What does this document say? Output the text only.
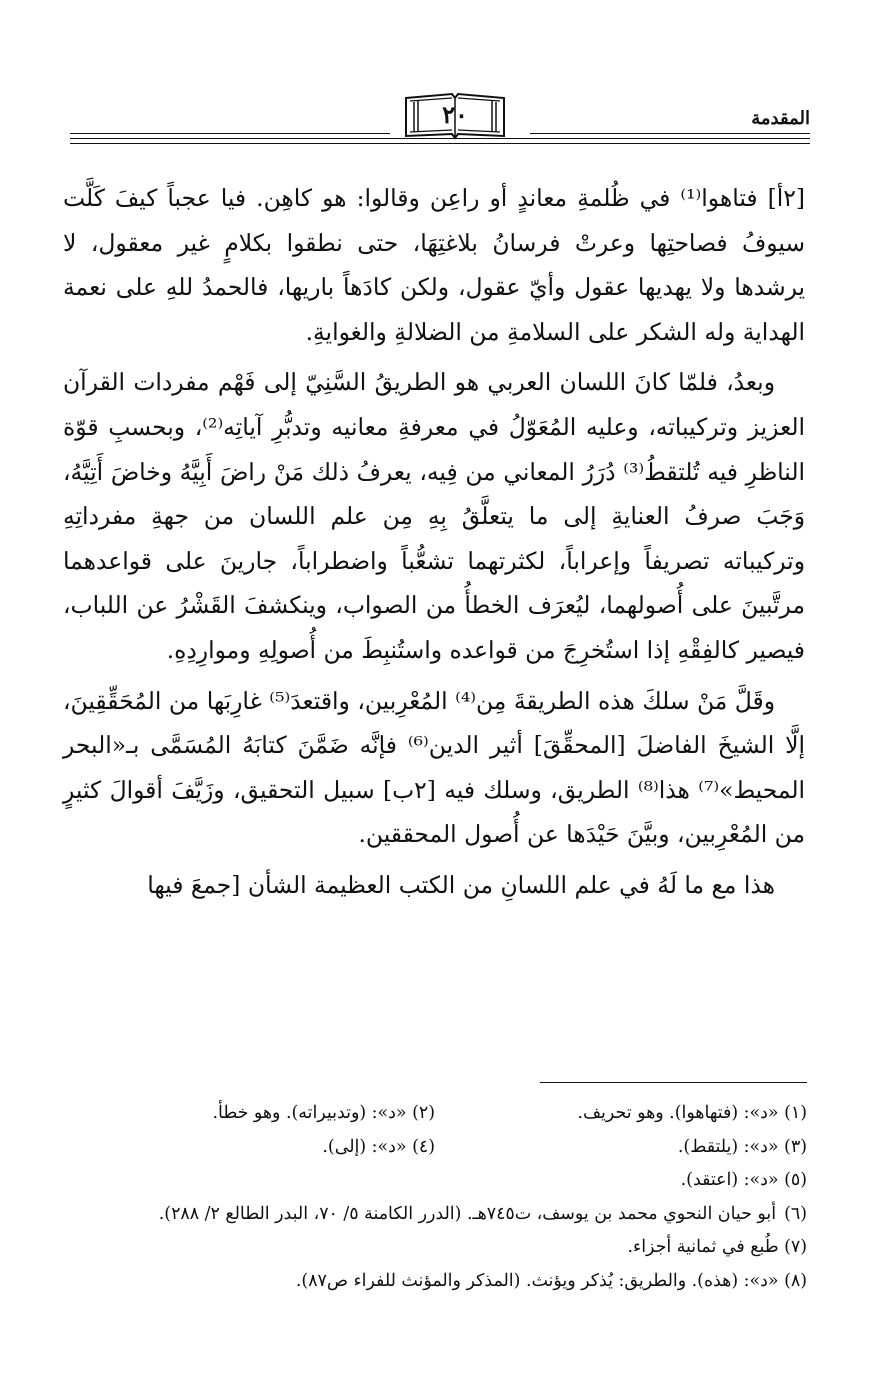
المقدمة
٢٠

[٢أ] فتاهوا⁽¹⁾ في ظُلمةِ معاندٍ أو راعِن وقالوا: هو كاهِن. فيا عجباً كيفَ كَلَّت سيوفُ فصاحتِها وعرتْ فرسانُ بلاغتِهَا، حتى نطقوا بكلامٍ غير معقول، لا يرشدها ولا يهديها عقول وأيّ عقول، ولكن كادَهاً باريها، فالحمدُ للهِ على نعمة الهداية وله الشكر على السلامةِ من الضلالةِ والغوايةِ.

وبعدُ، فلمّا كانَ اللسان العربي هو الطريقُ السَّنِيّ إلى فَهْم مفردات القرآن العزيز وتركيباته، وعليه المُعَوّلُ في معرفةِ معانيه وتدبُّرِ آياتِه⁽²⁾، وبحسبِ قوّة الناظرِ فيه تُلتقطُ⁽³⁾ دُرَرُ المعاني من فِيه، يعرفُ ذلك مَنْ راضَ أَبِيَّهُ وخاضَ أَتِيَّهُ، وَجَبَ صرفُ العنايةِ إلى ما يتعلَّقُ بِهِ مِن علم اللسان من جهةِ مفرداتِهِ وتركيباته تصريفاً وإعراباً، لكثرتهما تشعُّباً واضطراباً، جارينَ على قواعدهما مرتَّبينَ على أُصولهما، ليُعرَف الخطأُ من الصواب، وينكشفَ القَشْرُ عن اللباب، فيصير كالفِقْهِ إذا استُخرِجَ من قواعده واستُنبِطَ من أُصولِهِ وموارِدِهِ.

وقَلَّ مَنْ سلكَ هذه الطريقةَ مِن⁽⁴⁾ المُعْرِبين، واقتعدَ⁽⁵⁾ غارِبَها من المُحَقِّقِينَ، إلَّا الشيخَ الفاضلَ [المحقِّقَ] أثير الدين⁽⁶⁾ فإنَّه ضَمَّنَ كتابَهُ المُسَمَّى بـ«البحر المحيط»⁽⁷⁾ هذا⁽⁸⁾ الطريق، وسلك فيه [٢ب] سبيل التحقيق، وزَيَّفَ أقوالَ كثيرٍ من المُعْرِبين، وبيَّنَ حَيْدَها عن أُصول المحققين.

هذا مع ما لَهُ في علم اللسانِ من الكتب العظيمة الشأن [جمعَ فيها

(١) «د»: (فتهاهوا). وهو تحريف.
(٢) «د»: (وتدبيراته). وهو خطأ.
(٣) «د»: (يلتقط).
(٤) «د»: (إلى).
(٥) «د»: (اعتقد).
(٦)
أبو حيان النحوي محمد بن يوسف، ت٧٤٥هـ. (الدرر الكامنة ٥/ ٧٠، البدر الطالع ٢/ ٢٨٨).
(٧) طُبع في ثمانية أجزاء.
(٨) «د»: (هذه). والطريق: يُذكر ويؤنث. (المذكر والمؤنث للفراء ص٨٧).
